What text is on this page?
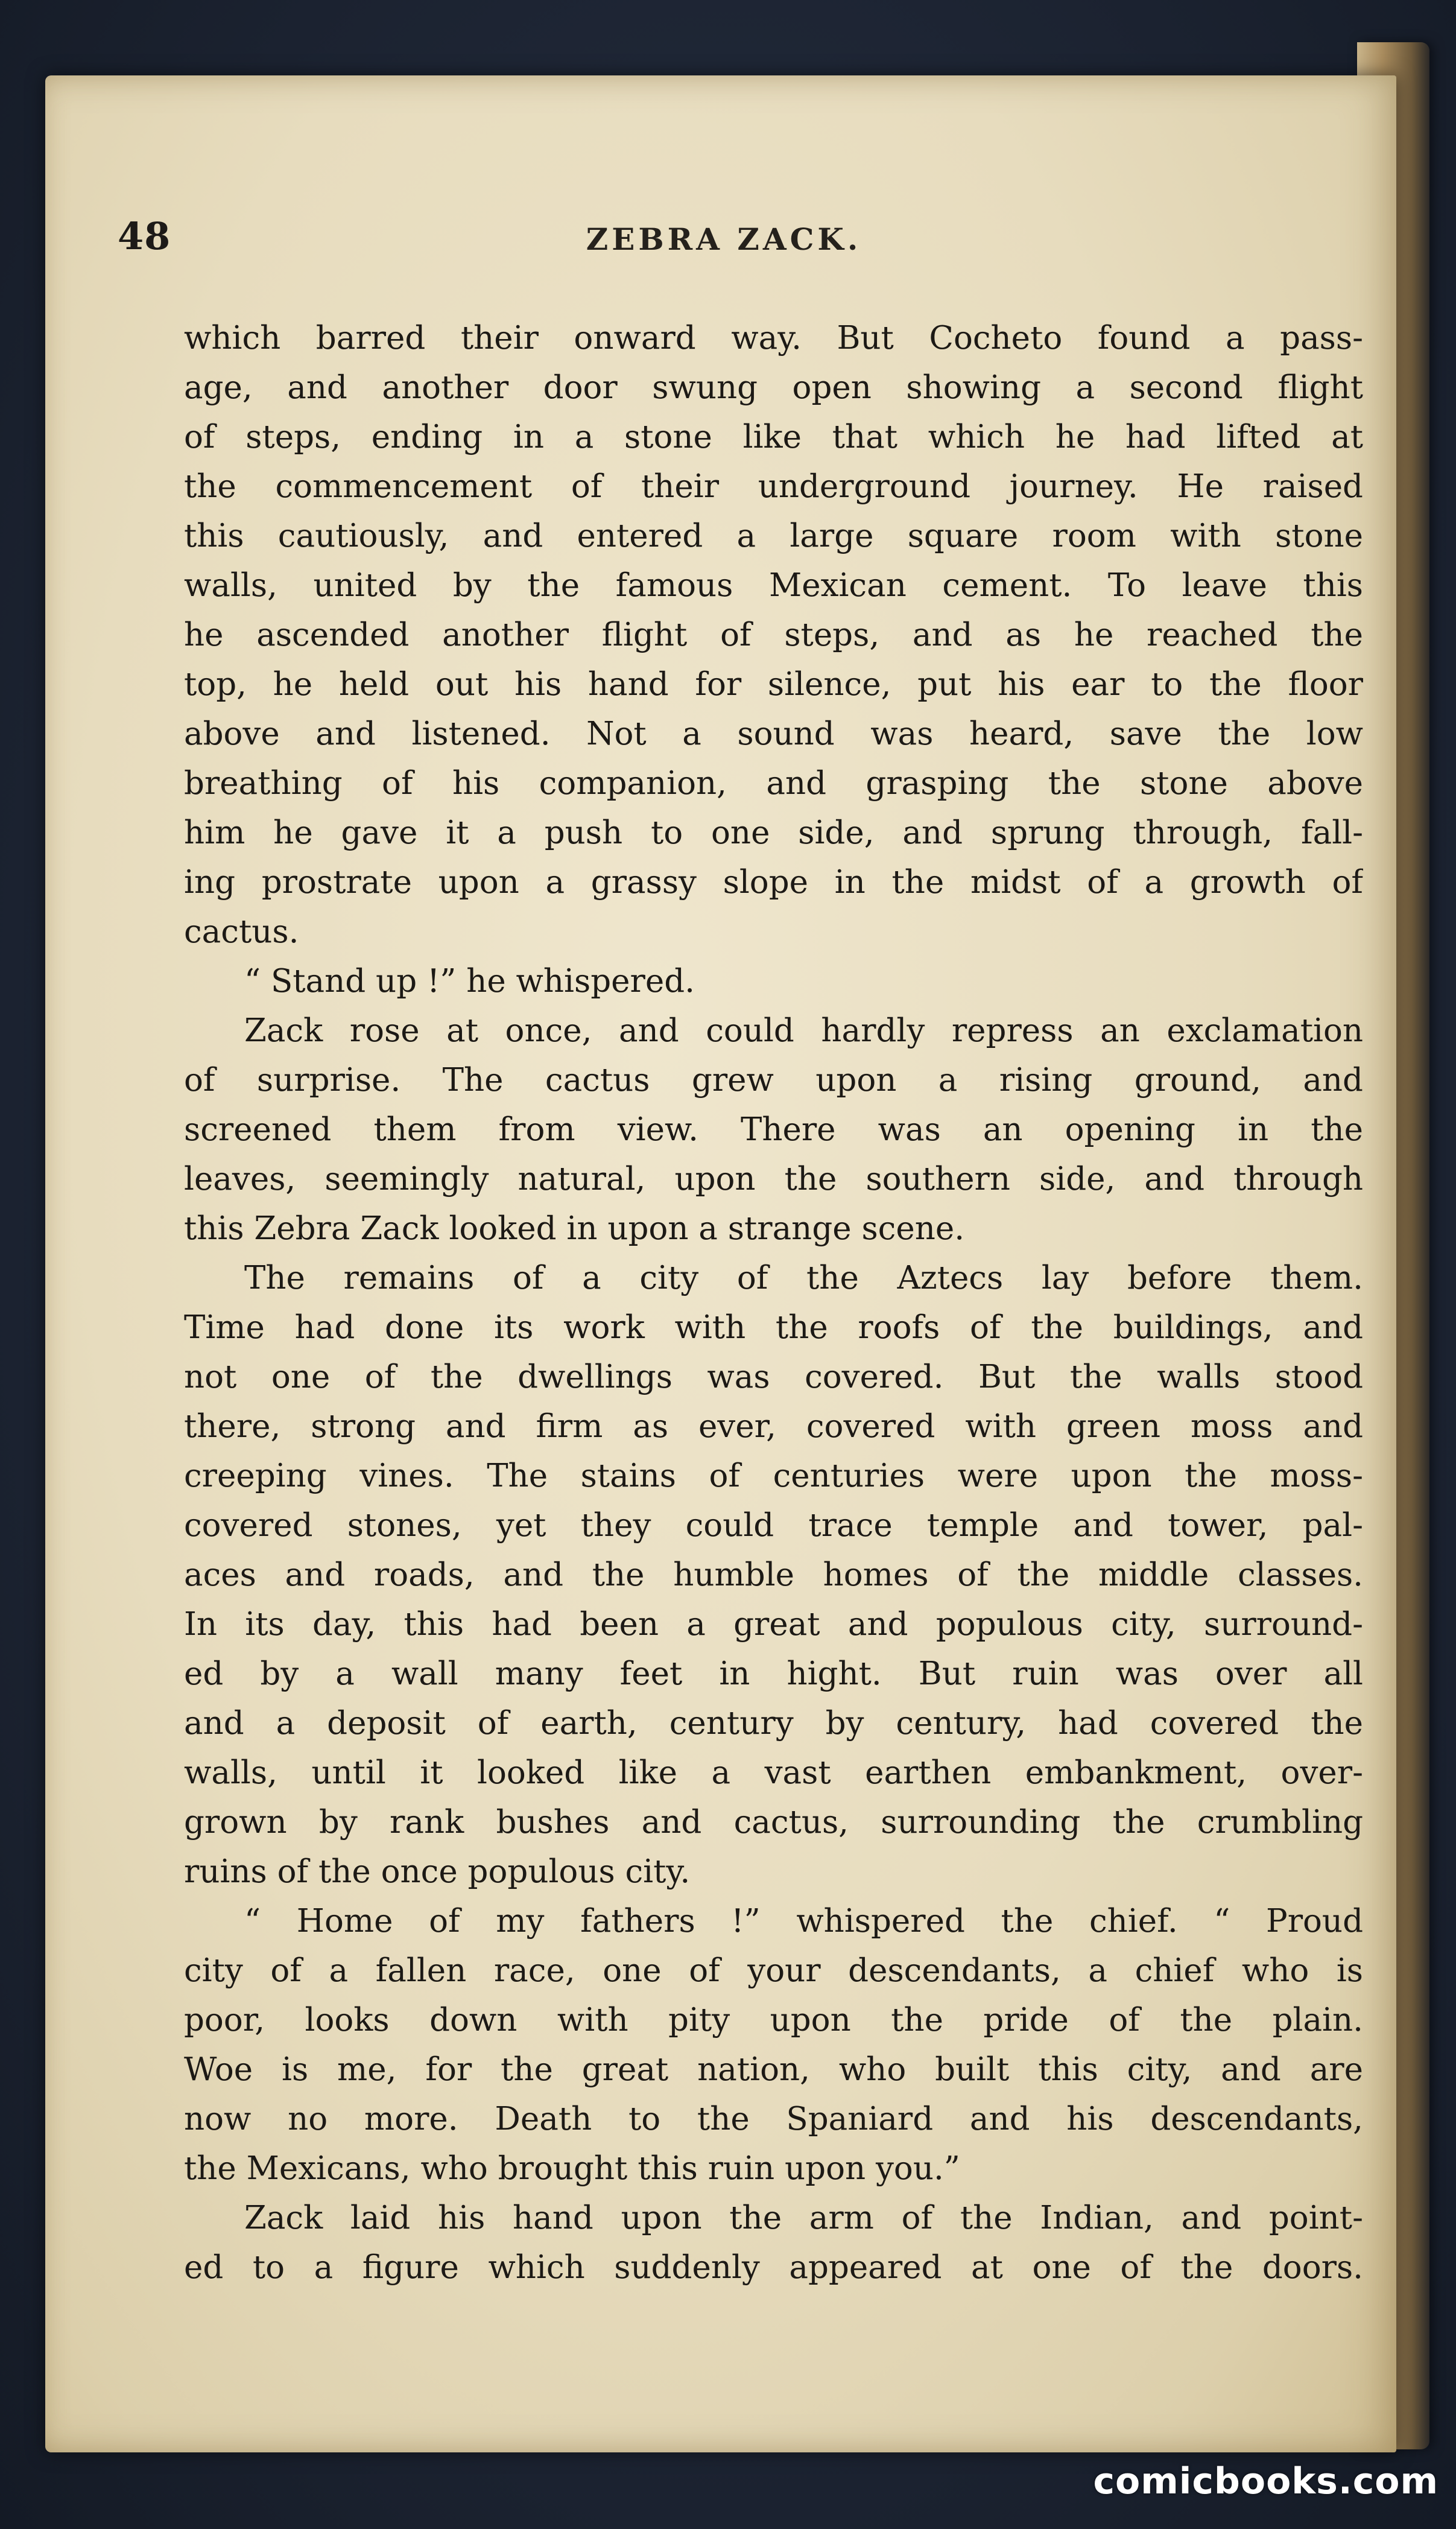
48	ZEBRA ZACK.
which barred their onward way. But Cocheto found a pass-
age, and another door swung open showing a second flight
of steps, ending in a stone like that which he had lifted at
the commencement of their underground journey. He raised
this cautiously, and entered a large square room with stone
walls, united by the famous Mexican cement. To leave this
he ascended another flight of steps, and as he reached the
top, he held out his hand for silence, put his ear to the floor
above and listened. Not a sound was heard, save the low
breathing of his companion, and grasping the stone above
him he gave it a push to one side, and sprung through, fall-
ing prostrate upon a grassy slope in the midst of a growth of
cactus.
“ Stand up !” he whispered.
Zack rose at once, and could hardly repress an exclamation
of surprise. The cactus grew upon a rising ground, and
screened them from view. There was an opening in the
leaves, seemingly natural, upon the southern side, and through
this Zebra Zack looked in upon a strange scene.
The remains of a city of the Aztecs lay before them.
Time had done its work with the roofs of the buildings, and
not one of the dwellings was covered. But the walls stood
there, strong and firm as ever, covered with green moss and
creeping vines. The stains of centuries were upon the moss-
covered stones, yet they could trace temple and tower, pal-
aces and roads, and the humble homes of the middle classes.
In its day, this had been a great and populous city, surround-
ed by a wall many feet in hight. But ruin was over all
and a deposit of earth, century by century, had covered the
walls, until it looked like a vast earthen embankment, over-
grown by rank bushes and cactus, surrounding the crumbling
ruins of the once populous city.
“ Home of my fathers !” whispered the chief. “ Proud
city of a fallen race, one of your descendants, a chief who is
poor, looks down with pity upon the pride of the plain.
Woe is me, for the great nation, who built this city, and are
now no more. Death to the Spaniard and his descendants,
the Mexicans, who brought this ruin upon you.”
Zack laid his hand upon the arm of the Indian, and point-
ed to a figure which suddenly appeared at one of the doors.
comicbooks.com
